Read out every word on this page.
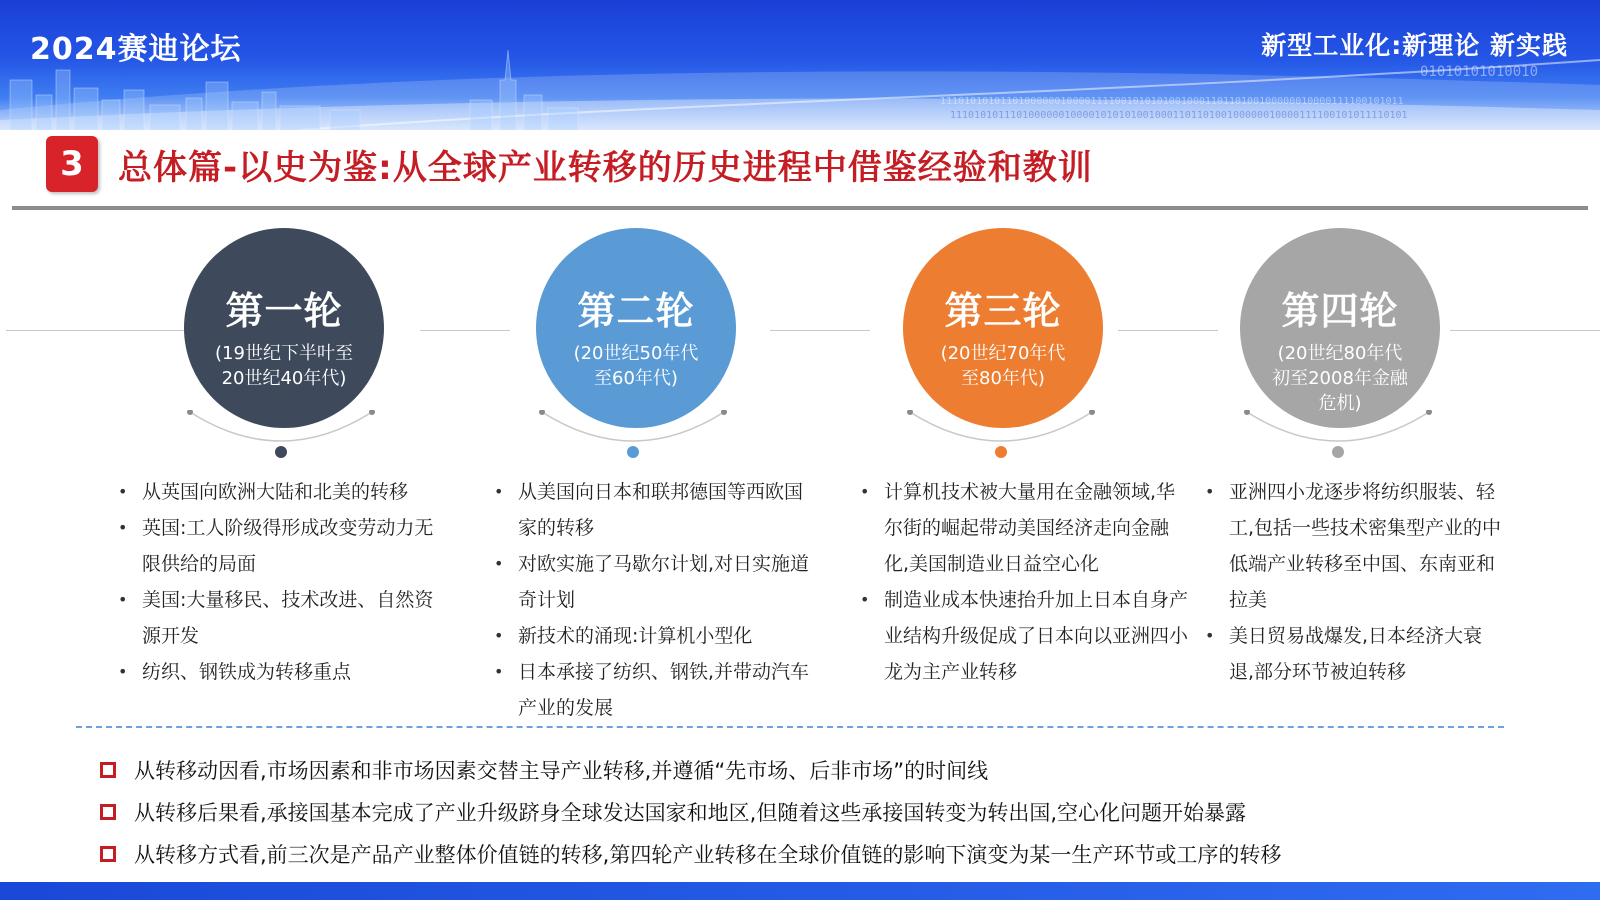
01010101010010
11101010101101000000100001111001010101001000110110100100000010000111100101011
1110101011101000000100001010101001000110110100100000010000111100101011110101
2024赛迪论坛	新型工业化:新理论 新实践
3	总体篇-以史为鉴:从全球产业转移的历史进程中借鉴经验和教训
第一轮
(19世纪下半叶至20世纪40年代)
第二轮
(20世纪50年代至60年代)
第三轮
(20世纪70年代至80年代)
第四轮
(20世纪80年代初至2008年金融危机)
• 从英国向欧洲大陆和北美的转移
• 英国:工人阶级得形成改变劳动力无限供给的局面
• 美国:大量移民、技术改进、自然资源开发
• 纺织、钢铁成为转移重点
• 从美国向日本和联邦德国等西欧国家的转移
• 对欧实施了马歇尔计划,对日实施道奇计划
• 新技术的涌现:计算机小型化
• 日本承接了纺织、钢铁,并带动汽车产业的发展
• 计算机技术被大量用在金融领域,华尔街的崛起带动美国经济走向金融化,美国制造业日益空心化
• 制造业成本快速抬升加上日本自身产业结构升级促成了日本向以亚洲四小龙为主产业转移
• 亚洲四小龙逐步将纺织服装、轻工,包括一些技术密集型产业的中低端产业转移至中国、东南亚和拉美
• 美日贸易战爆发,日本经济大衰退,部分环节被迫转移
从转移动因看,市场因素和非市场因素交替主导产业转移,并遵循“先市场、后非市场”的时间线
从转移后果看,承接国基本完成了产业升级跻身全球发达国家和地区,但随着这些承接国转变为转出国,空心化问题开始暴露
从转移方式看,前三次是产品产业整体价值链的转移,第四轮产业转移在全球价值链的影响下演变为某一生产环节或工序的转移
